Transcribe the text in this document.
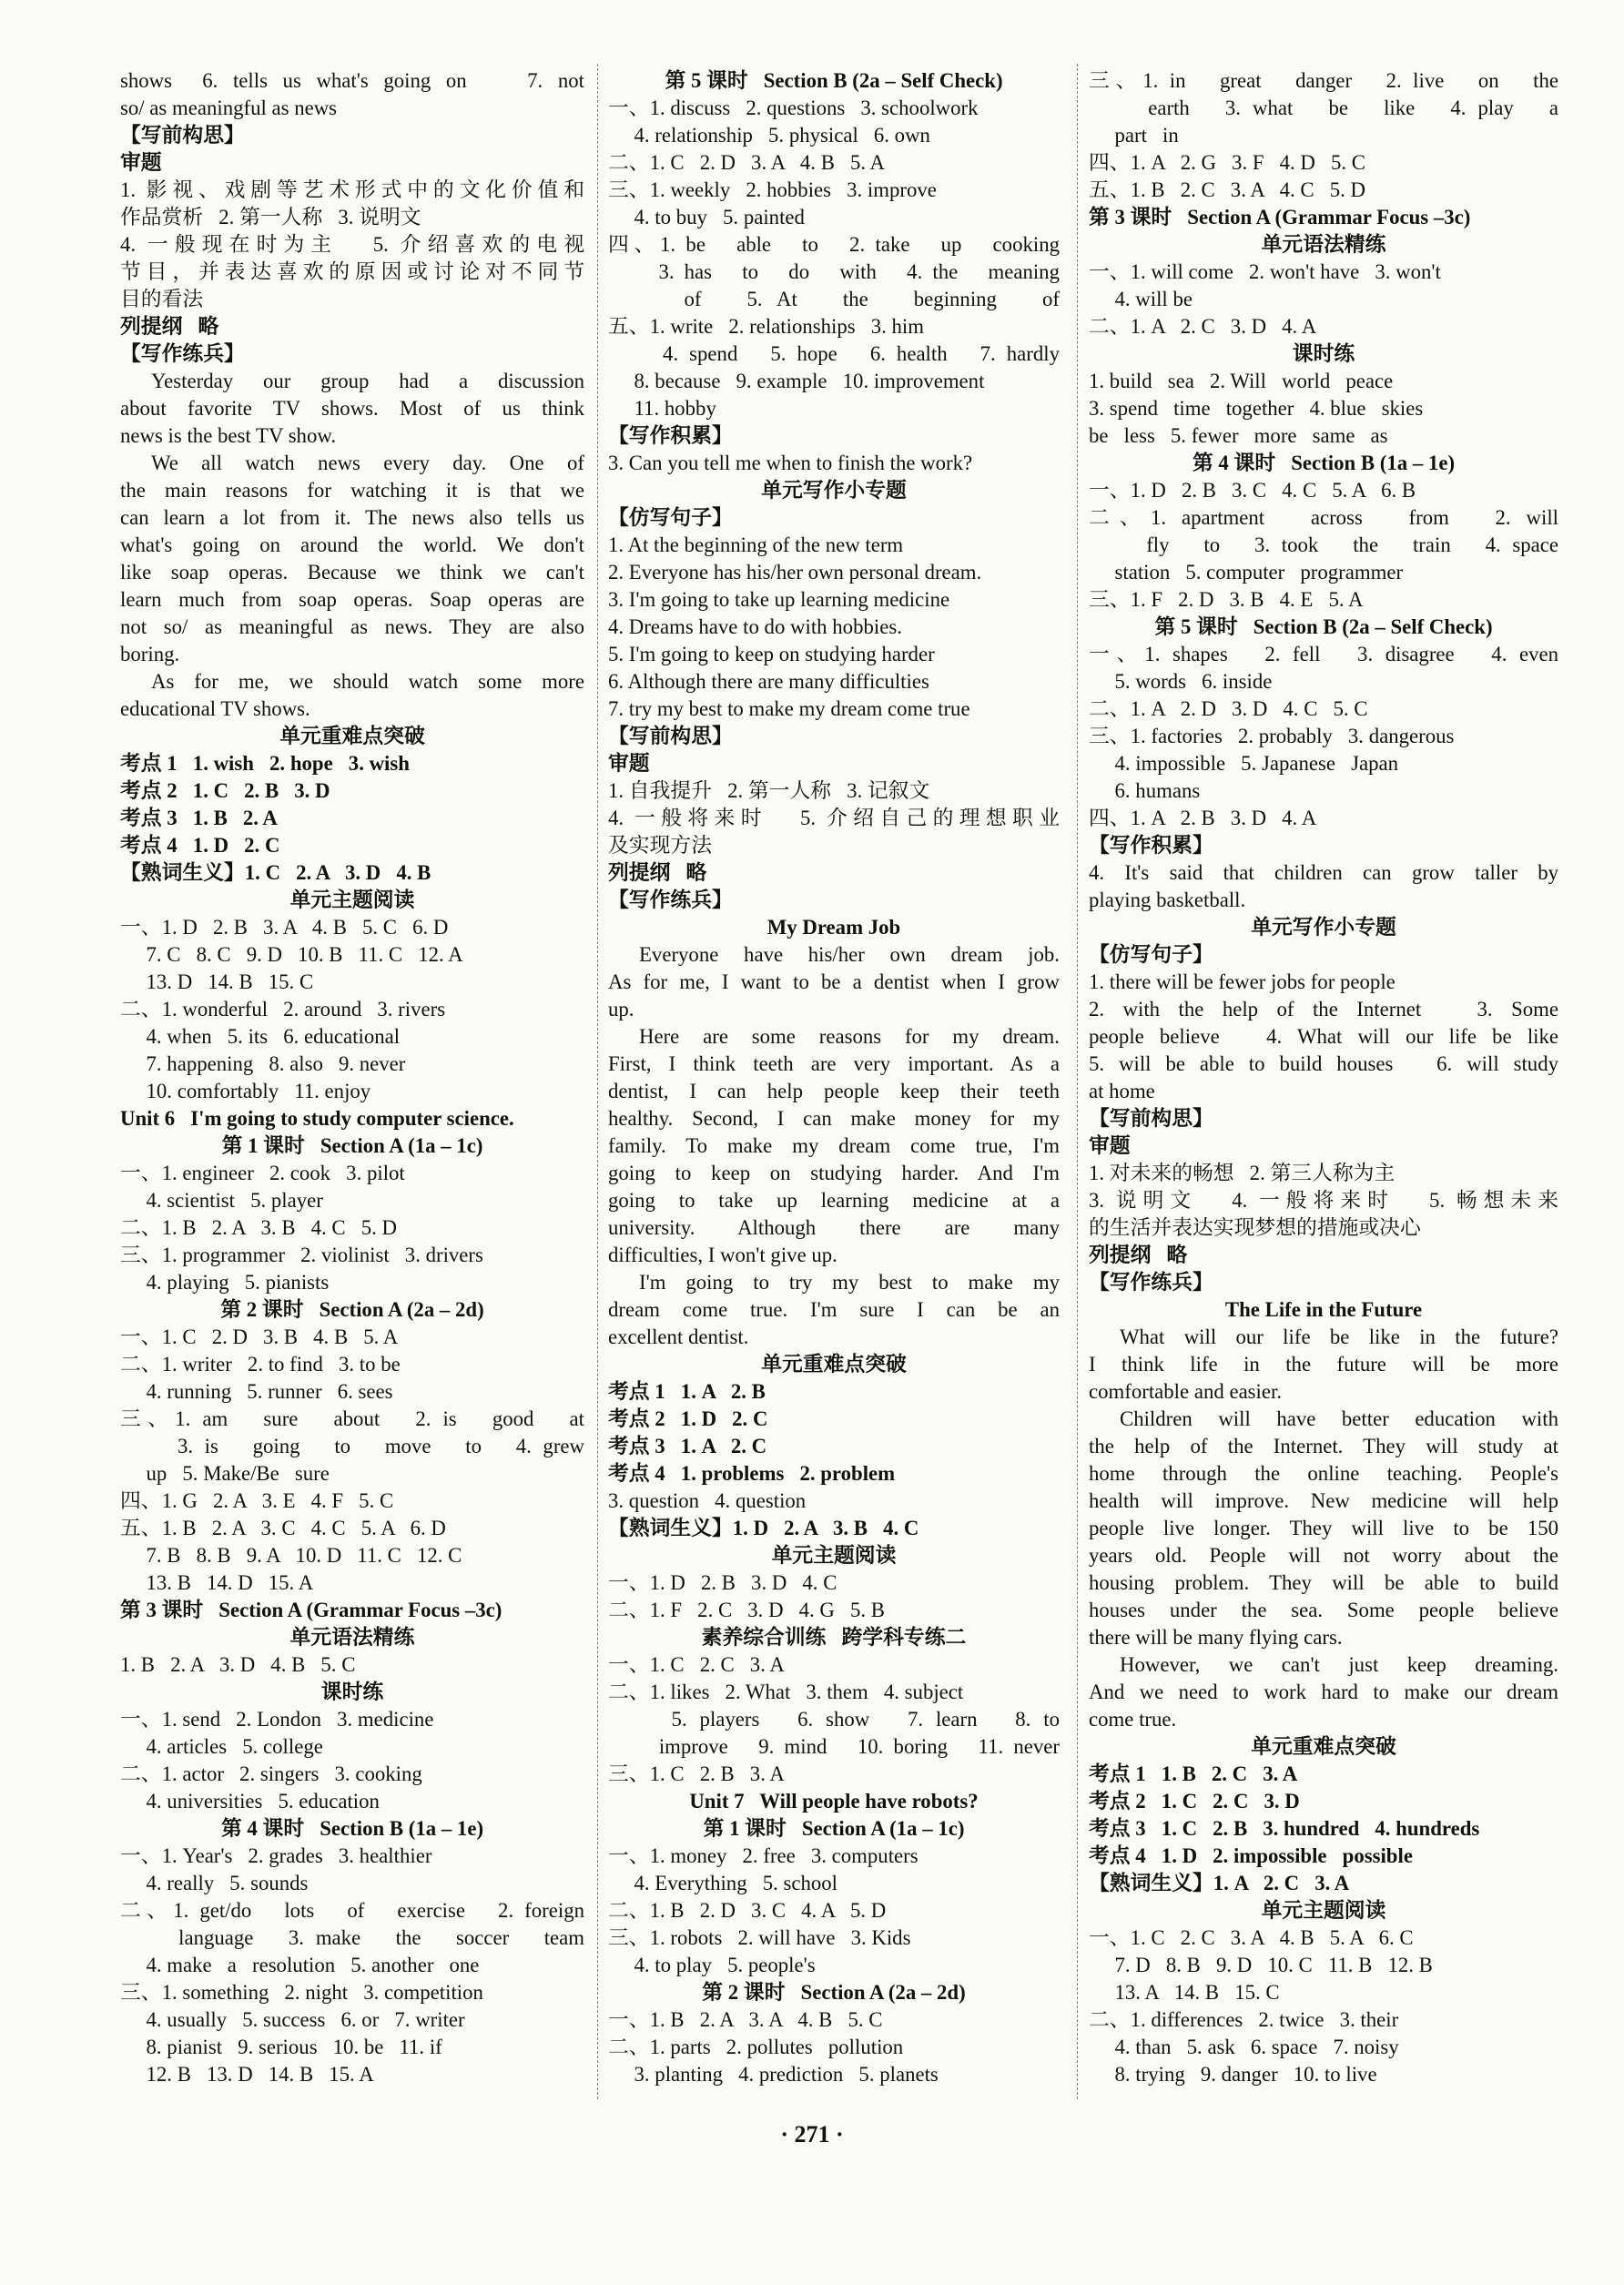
shows  6. tells us what's going on    7. not
so/ as meaningful as news
【写前构思】
审题
1. 影视、戏剧等艺术形式中的文化价值和
作品赏析   2. 第一人称   3. 说明文
4. 一般现在时为主   5. 介绍喜欢的电视
节目，并表达喜欢的原因或讨论对不同节
目的看法
列提纲   略
【写作练兵】
Yesterday our group had a discussion
about favorite TV shows. Most of us think
news is the best TV show.
We all watch news every day. One of
the main reasons for watching it is that we
can learn a lot from it. The news also tells us
what's going on around the world. We don't
like soap operas. Because we think we can't
learn much from soap operas. Soap operas are
not so/ as meaningful as news. They are also
boring.
As for me, we should watch some more
educational TV shows.
单元重难点突破
考点 1   1. wish   2. hope   3. wish
考点 2   1. C   2. B   3. D
考点 3   1. B   2. A
考点 4   1. D   2. C
【熟词生义】1. C   2. A   3. D   4. B
单元主题阅读
一、1. D   2. B   3. A   4. B   5. C   6. D
7. C   8. C   9. D   10. B   11. C   12. A
13. D   14. B   15. C
二、1. wonderful   2. around   3. rivers
4. when   5. its   6. educational
7. happening   8. also   9. never
10. comfortably   11. enjoy
Unit 6   I'm going to study computer science.
第 1 课时   Section A (1a – 1c)
一、1. engineer   2. cook   3. pilot
4. scientist   5. player
二、1. B   2. A   3. B   4. C   5. D
三、1. programmer   2. violinist   3. drivers
4. playing   5. pianists
第 2 课时   Section A (2a – 2d)
一、1. C   2. D   3. B   4. B   5. A
二、1. writer   2. to find   3. to be
4. running   5. runner   6. sees
三、1. am   sure   about   2. is   good   at
3. is   going   to   move   to   4. grew
up   5. Make/Be   sure
四、1. G   2. A   3. E   4. F   5. C
五、1. B   2. A   3. C   4. C   5. A   6. D
7. B   8. B   9. A   10. D   11. C   12. C
13. B   14. D   15. A
第 3 课时   Section A (Grammar Focus –3c)
单元语法精练
1. B   2. A   3. D   4. B   5. C
课时练
一、1. send   2. London   3. medicine
4. articles   5. college
二、1. actor   2. singers   3. cooking
4. universities   5. education
第 4 课时   Section B (1a – 1e)
一、1. Year's   2. grades   3. healthier
4. really   5. sounds
二、1. get/do   lots   of   exercise   2. foreign
language   3. make   the   soccer   team
4. make   a   resolution   5. another   one
三、1. something   2. night   3. competition
4. usually   5. success   6. or   7. writer
8. pianist   9. serious   10. be   11. if
12. B   13. D   14. B   15. A
第 5 课时   Section B (2a – Self Check)
一、1. discuss   2. questions   3. schoolwork
4. relationship   5. physical   6. own
二、1. C   2. D   3. A   4. B   5. A
三、1. weekly   2. hobbies   3. improve
4. to buy   5. painted
四、1. be   able   to   2. take   up   cooking
3. has   to   do   with   4. the   meaning
of   5. At   the   beginning   of
五、1. write   2. relationships   3. him
4. spend   5. hope   6. health   7. hardly
8. because   9. example   10. improvement
11. hobby
【写作积累】
3. Can you tell me when to finish the work?
单元写作小专题
【仿写句子】
1. At the beginning of the new term
2. Everyone has his/her own personal dream.
3. I'm going to take up learning medicine
4. Dreams have to do with hobbies.
5. I'm going to keep on studying harder
6. Although there are many difficulties
7. try my best to make my dream come true
【写前构思】
审题
1. 自我提升   2. 第一人称   3. 记叙文
4. 一般将来时   5. 介绍自己的理想职业
及实现方法
列提纲   略
【写作练兵】
My Dream Job
Everyone have his/her own dream job.
As for me, I want to be a dentist when I grow
up.
Here are some reasons for my dream.
First, I think teeth are very important. As a
dentist, I can help people keep their teeth
healthy. Second, I can make money for my
family. To make my dream come true, I'm
going to keep on studying harder. And I'm
going to take up learning medicine at a
university. Although there are many
difficulties, I won't give up.
I'm going to try my best to make my
dream come true. I'm sure I can be an
excellent dentist.
单元重难点突破
考点 1   1. A   2. B
考点 2   1. D   2. C
考点 3   1. A   2. C
考点 4   1. problems   2. problem
3. question   4. question
【熟词生义】1. D   2. A   3. B   4. C
单元主题阅读
一、1. D   2. B   3. D   4. C
二、1. F   2. C   3. D   4. G   5. B
素养综合训练   跨学科专练二
一、1. C   2. C   3. A
二、1. likes   2. What   3. them   4. subject
5. players   6. show   7. learn   8. to
improve   9. mind   10. boring   11. never
三、1. C   2. B   3. A
Unit 7   Will people have robots?
第 1 课时   Section A (1a – 1c)
一、1. money   2. free   3. computers
4. Everything   5. school
二、1. B   2. D   3. C   4. A   5. D
三、1. robots   2. will have   3. Kids
4. to play   5. people's
第 2 课时   Section A (2a – 2d)
一、1. B   2. A   3. A   4. B   5. C
二、1. parts   2. pollutes   pollution
3. planting   4. prediction   5. planets
三、1. in   great   danger   2. live   on   the
earth   3. what   be   like   4. play   a
part   in
四、1. A   2. G   3. F   4. D   5. C
五、1. B   2. C   3. A   4. C   5. D
第 3 课时   Section A (Grammar Focus –3c)
单元语法精练
一、1. will come   2. won't have   3. won't
4. will be
二、1. A   2. C   3. D   4. A
课时练
1. build   sea   2. Will   world   peace
3. spend   time   together   4. blue   skies
be   less   5. fewer   more   same   as
第 4 课时   Section B (1a – 1e)
一、1. D   2. B   3. C   4. C   5. A   6. B
二、1. apartment   across   from   2. will
fly   to   3. took   the   train   4. space
station   5. computer   programmer
三、1. F   2. D   3. B   4. E   5. A
第 5 课时   Section B (2a – Self Check)
一、1. shapes   2. fell   3. disagree   4. even
5. words   6. inside
二、1. A   2. D   3. D   4. C   5. C
三、1. factories   2. probably   3. dangerous
4. impossible   5. Japanese   Japan
6. humans
四、1. A   2. B   3. D   4. A
【写作积累】
4. It's said that children can grow taller by
playing basketball.
单元写作小专题
【仿写句子】
1. there will be fewer jobs for people
2. with the help of the Internet   3. Some
people believe   4. What will our life be like
5. will be able to build houses   6. will study
at home
【写前构思】
审题
1. 对未来的畅想   2. 第三人称为主
3. 说明文   4. 一般将来时   5. 畅想未来
的生活并表达实现梦想的措施或决心
列提纲   略
【写作练兵】
The Life in the Future
What will our life be like in the future?
I think life in the future will be more
comfortable and easier.
Children will have better education with
the help of the Internet. They will study at
home through the online teaching. People's
health will improve. New medicine will help
people live longer. They will live to be 150
years old. People will not worry about the
housing problem. They will be able to build
houses under the sea. Some people believe
there will be many flying cars.
However, we can't just keep dreaming.
And we need to work hard to make our dream
come true.
单元重难点突破
考点 1   1. B   2. C   3. A
考点 2   1. C   2. C   3. D
考点 3   1. C   2. B   3. hundred   4. hundreds
考点 4   1. D   2. impossible   possible
【熟词生义】1. A   2. C   3. A
单元主题阅读
一、1. C   2. C   3. A   4. B   5. A   6. C
7. D   8. B   9. D   10. C   11. B   12. B
13. A   14. B   15. C
二、1. differences   2. twice   3. their
4. than   5. ask   6. space   7. noisy
8. trying   9. danger   10. to live
· 271 ·
